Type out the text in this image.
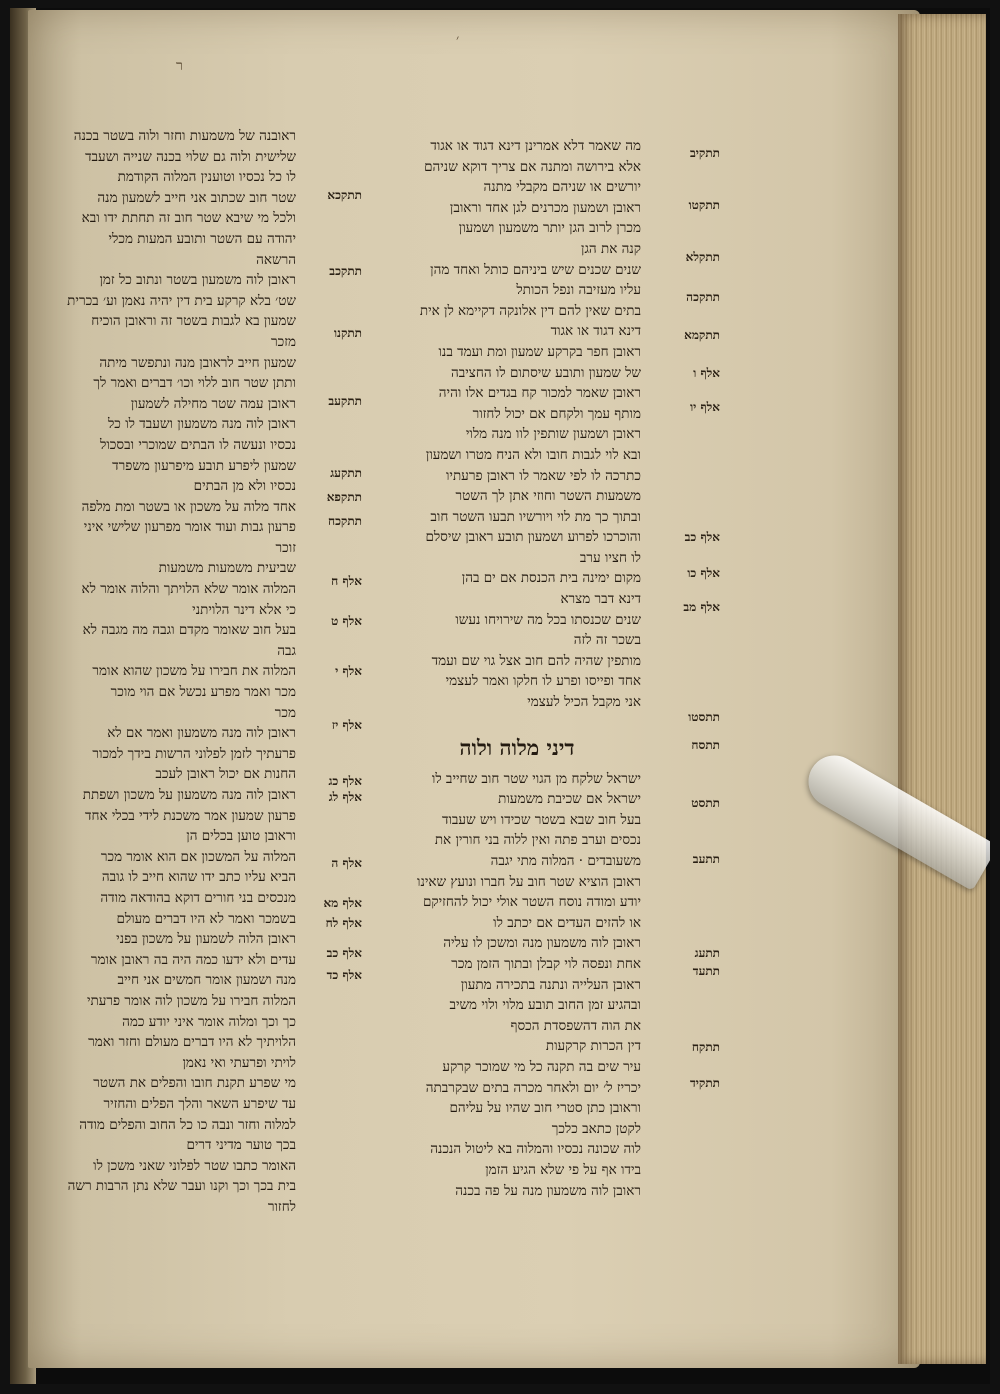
ר
׳
מה שאמר דלא אמרינן דינא דגוד או אגוד
אלא בירושה ומתנה אם צריך דוקא שניהם
יורשים או שניהם מקבלי מתנה
ראובן ושמעון מכרנים לגן אחד וראובן
מכרן לרוב הגן יותר משמעון ושמעון
קנה את הגן
שנים שכנים שיש ביניהם כותל ואחד מהן
עליו מעזיבה ונפל הכותל
בתים שאין להם דין אלונקה דקיימא לן אית
דינא דגוד או אגוד
ראובן חפר בקרקע שמעון ומת ועמד בנו
של שמעון ותובע שיסתום לו החציבה
ראובן שאמר למכור קח בגדים אלו והיה
מותף עמך ולקחם אם יכול לחזור
ראובן ושמעון שותפין לוו מנה מלוי
ובא לוי לגבות חובו ולא הניח מטרו ושמעון
כתרכה לו לפי שאמר לו ראובן פרעתיו
משמעות השטר וחוזי אתן לך השטר
ובתוך כך מת לוי ויורשיו תבעו השטר חוב
והוכרכו לפרוע ושמעון תובע ראובן שיסלם
לו חציו ערב
מקום ימינה בית הכנסת אם ים בהן
דינא דבר מצרא
שנים שכנסתו בכל מה שירויחו נעשו
בשכר זה לזה
מותפין שהיה להם חוב אצל גוי שם ועמד
אחד ופייסו ופרע לו חלקו ואמר לעצמי
אני מקבל הכיל לעצמי
דיני מלוה ולוה
ישראל שלקח מן הגוי שטר חוב שחייב לו
ישראל אם שכיבת משמעות
בעל חוב שבא בשטר שכידו ויש שעבוד
נכסים וערב פתה ואין ללוה בני חורין את
משעובדים · המלוה מתי יגבה
ראובן הוציא שטר חוב על חברו ונועץ שאינו
יודע ומודה נוסח השטר אולי יכול להחזיקם
או להזים העדים אם יכתב לו
ראובן לוה משמעון מנה ומשכן לו עליה
אחת ונפסה לוי קבלן ובתוך הזמן מכר
ראובן העלייה ונתנה בתכירה מתעון
ובהגיע זמן החוב תובע מלוי ולוי משיב
את הוה דהשפסדת הכסף
דין הכרות קרקעות
עיר שים בה תקנה כל מי שמוכר קרקע
יכריז ל׳ יום ולאחר מכרה בתים שבקרבתה
וראובן כתן סטרי חוב שהיו על עליהם
לקטן כתאב כלכך
לוה שכונה נכסיו והמלוה בא ליטול הנכנה
בידו אף על פי שלא הגיע הזמן
ראובן לוה משמעון מנה על פה בכנה
ראובנה של משמעות וחזר ולוה בשטר בכנה
שלישית ולוה גם שלוי בכנה שנייה ושעבד
לו כל נכסיו וטוענין המלוה הקודמת
שטר חוב שכתוב אני חייב לשמעון מנה
ולכל מי שיבא שטר חוב זה תחתת ידו ובא
יהודה עם השטר ותובע המעות מכלי
הרשאה
ראובן לוה משמעון בשטר ונתוב כל זמן
שט׳ בלא קרקע בית דין יהיה נאמן וע׳ בכרית
שמעון בא לגבות בשטר זה וראובן הוכיח
מזכר
שמעון חייב לראובן מנה ונתפשר מיתה
ותתן שטר חוב ללוי וכו׳ דברים ואמר לך
ראובן עמה שטר מחילה לשמעון
ראובן לוה מנה משמעון ושעבד לו כל
נכסיו ונעשה לו הבתים שמוכרי ובסכול
שמעון ליפרע תובע מיפרעון משפרד
נכסיו ולא מן הבתים
אחד מלוה על משכון או בשטר ומת מלפה
פרעון גבות ועוד אומר מפרעון שלישי איני
זוכר
שביעית משמעות משמעות
המלוה אומר שלא הלויתך והלוה אומר לא
כי אלא דינר הלויתני
בעל חוב שאומר מקדם וגבה מה מגבה לא
גבה
המלוה את חבירו על משכון שהוא אומר
מכר ואמר מפרע נכשל אם הוי מוכר
מכר
ראובן לוה מנה משמעון ואמר אם לא
פרעתיך לזמן לפלוני הרשות בידך למכור
החנות אם יכול ראובן לעכב
ראובן לוה מנה משמעון על משכון ושפתת
פרעון שמעון אמר משכנת לידי בכלי אחד
וראובן טוען בכלים הן
המלוה על המשכון אם הוא אומר מכר
הביא עליו כתב ידו שהוא חייב לו גובה
מנכסים בני חורים דוקא בהודאה מודה
בשמכר ואמר לא היו דברים מעולם
ראובן הלוה לשמעון על משכון בפני
עדים ולא ידעו כמה היה בה ראובן אומר
מנה ושמעון אומר חמשים אני חייב
המלוה חבירו על משכון לוה אומר פרעתי
כך וכך ומלוה אומר איני יודע כמה
הלויתיך לא היו דברים מעולם וחזר ואמר
לויתי ופרעתי ואי נאמן
מי שפרע תקנת חובו והפלים את השטר
עד שיפרע השאר והלך הפלים והחזיר
למלוה וחזר ונבה כו כל החוב והפלים מודה
בכך טוער מדיני דרים
האומר כתבו שטר לפלוני שאני משכן לו
בית בכך וכך וקנו ועבר שלא נתן הרבות רשה
לחזור
תתקיב
תתקטו
תתקלא
תתקכה
תתקמא
אלף ו
אלף יו
אלף כב
אלף כו
אלף מב
תתסטו
תתסח
תתסט
תתעב
תתעג
תתעד
תתקח
תתקיד
תתקכא
תתקכב
תתקנו
תתקעב
תתקעג
תתקפא
תתקכח
אלף ח
אלף ט
אלף י
אלף יז
אלף כג
אלף לג
אלף ה
אלף מא
אלף לח
אלף כב
אלף כד
